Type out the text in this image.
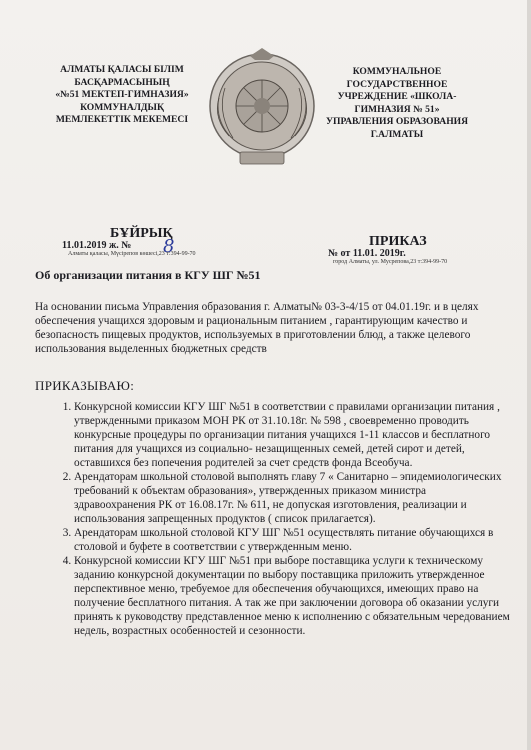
АЛМАТЫ ҚАЛАСЫ БІЛІМ
БАСҚАРМАСЫНЫҢ
«№51 МЕКТЕП-ГИМНАЗИЯ»
КОММУНАЛДЫҚ
МЕМЛЕКЕТТІК МЕКЕМЕСІ
КОММУНАЛЬНОЕ
ГОСУДАРСТВЕННОЕ
УЧРЕЖДЕНИЕ «ШКОЛА-
ГИМНАЗИЯ № 51»
УПРАВЛЕНИЯ ОБРАЗОВАНИЯ
Г.АЛМАТЫ
БҰЙРЫҚ
11.01.2019 ж. № 8
Алматы қаласы, Мүсірепов көшесі,23 т:394-99-70
ПРИКАЗ
№ от 11.01. 2019г.
город Алматы, ул. Мусрепова,23 т:394-99-70
Об организации питания в КГУ ШГ №51
На основании письма Управления образования г. Алматы№ 03-3-4/15 от 04.01.19г. и в целях обеспечения учащихся здоровым и рациональным питанием , гарантирующим качество и безопасность пищевых продуктов, используемых в приготовлении блюд, а также целевого использования выделенных бюджетных средств
ПРИКАЗЫВАЮ:
1. Конкурсной комиссии КГУ ШГ №51 в соответствии с правилами организации питания , утвержденными приказом МОН РК от 31.10.18г. № 598 , своевременно проводить конкурсные процедуры по организации питания учащихся 1-11 классов и бесплатного питания для учащихся из социально- незащищенных семей, детей сирот и детей, оставшихся без попечения родителей за счет средств фонда Всеобуча.
2. Арендаторам школьной столовой выполнять главу 7 « Санитарно – эпидемиологических требований к объектам образования», утвержденных приказом министра здравоохранения РК от 16.08.17г. № 611, не допуская изготовления, реализации и использования запрещенных продуктов ( список прилагается).
3. Арендаторам школьной столовой КГУ ШГ №51 осуществлять питание обучающихся в столовой и буфете в соответствии с утвержденным меню.
4. Конкурсной комиссии КГУ ШГ №51 при выборе поставщика услуги к техническому заданию конкурсной документации по выбору поставщика приложить утвержденное перспективное меню, требуемое для обеспечения обучающихся, имеющих право на получение бесплатного питания. А так же при заключении договора об оказании услуги принять к руководству представленное меню к исполнению с обязательным чередованием недель, возрастных особенностей и сезонности.
